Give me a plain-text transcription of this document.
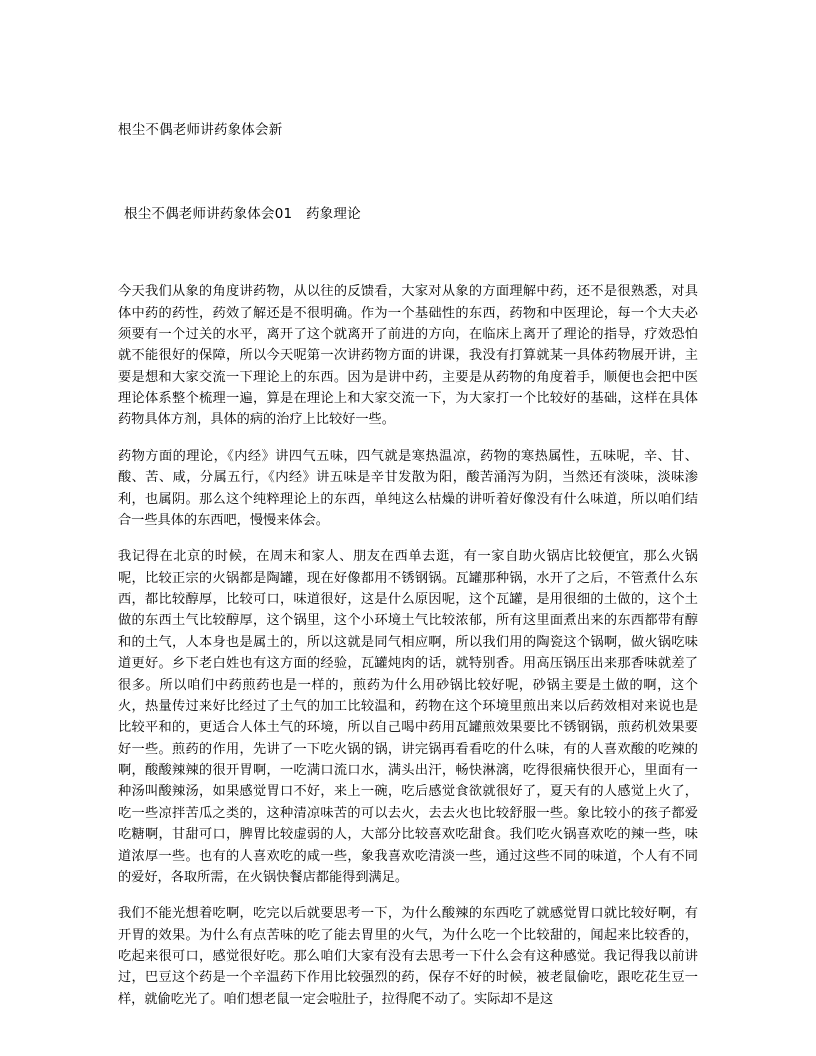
根尘不偶老师讲药象体会新

根尘不偶老师讲药象体会01　药象理论

今天我们从象的角度讲药物，从以往的反馈看，大家对从象的方面理解中药，还不是很熟悉，对具体中药的药性，药效了解还是不很明确。作为一个基础性的东西，药物和中医理论，每一个大夫必须要有一个过关的水平，离开了这个就离开了前进的方向，在临床上离开了理论的指导，疗效恐怕就不能很好的保障，所以今天呢第一次讲药物方面的讲课，我没有打算就某一具体药物展开讲，主要是想和大家交流一下理论上的东西。因为是讲中药，主要是从药物的角度着手，顺便也会把中医理论体系整个梳理一遍，算是在理论上和大家交流一下，为大家打一个比较好的基础，这样在具体药物具体方剂，具体的病的治疗上比较好一些。

药物方面的理论，《内经》讲四气五味，四气就是寒热温凉，药物的寒热属性，五味呢，辛、甘、酸、苦、咸，分属五行，《内经》讲五味是辛甘发散为阳，酸苦涌泻为阴，当然还有淡味，淡味渗利，也属阴。那么这个纯粹理论上的东西，单纯这么枯燥的讲听着好像没有什么味道，所以咱们结合一些具体的东西吧，慢慢来体会。

我记得在北京的时候，在周末和家人、朋友在西单去逛，有一家自助火锅店比较便宜，那么火锅呢，比较正宗的火锅都是陶罐，现在好像都用不锈钢锅。瓦罐那种锅，水开了之后，不管煮什么东西，都比较醇厚，比较可口，味道很好，这是什么原因呢，这个瓦罐，是用很细的土做的，这个土做的东西土气比较醇厚，这个锅里，这个小环境土气比较浓郁，所有这里面煮出来的东西都带有醇和的土气，人本身也是属土的，所以这就是同气相应啊，所以我们用的陶瓷这个锅啊，做火锅吃味道更好。乡下老白姓也有这方面的经验，瓦罐炖肉的话，就特别香。用高压锅压出来那香味就差了很多。所以咱们中药煎药也是一样的，煎药为什么用砂锅比较好呢，砂锅主要是土做的啊，这个火，热量传过来好比经过了土气的加工比较温和，药物在这个环境里煎出来以后药效相对来说也是比较平和的，更适合人体土气的环境，所以自己喝中药用瓦罐煎效果要比不锈钢锅，煎药机效果要好一些。煎药的作用，先讲了一下吃火锅的锅，讲完锅再看看吃的什么味，有的人喜欢酸的吃辣的啊，酸酸辣辣的很开胃啊，一吃满口流口水，满头出汗，畅快淋漓，吃得很痛快很开心，里面有一种汤叫酸辣汤，如果感觉胃口不好，来上一碗，吃后感觉食欲就很好了，夏天有的人感觉上火了，吃一些凉拌苦瓜之类的，这种清凉味苦的可以去火，去去火也比较舒服一些。象比较小的孩子都爱吃糖啊，甘甜可口，脾胃比较虚弱的人，大部分比较喜欢吃甜食。我们吃火锅喜欢吃的辣一些，味道浓厚一些。也有的人喜欢吃的咸一些，象我喜欢吃清淡一些，通过这些不同的味道，个人有不同的爱好，各取所需，在火锅快餐店都能得到满足。

我们不能光想着吃啊，吃完以后就要思考一下，为什么酸辣的东西吃了就感觉胃口就比较好啊，有开胃的效果。为什么有点苦味的吃了能去胃里的火气，为什么吃一个比较甜的，闻起来比较香的，吃起来很可口，感觉很好吃。那么咱们大家有没有去思考一下什么会有这种感觉。我记得我以前讲过，巴豆这个药是一个辛温药下作用比较强烈的药，保存不好的时候，被老鼠偷吃，跟吃花生豆一样，就偷吃光了。咱们想老鼠一定会啦肚子，拉得爬不动了。实际却不是这
